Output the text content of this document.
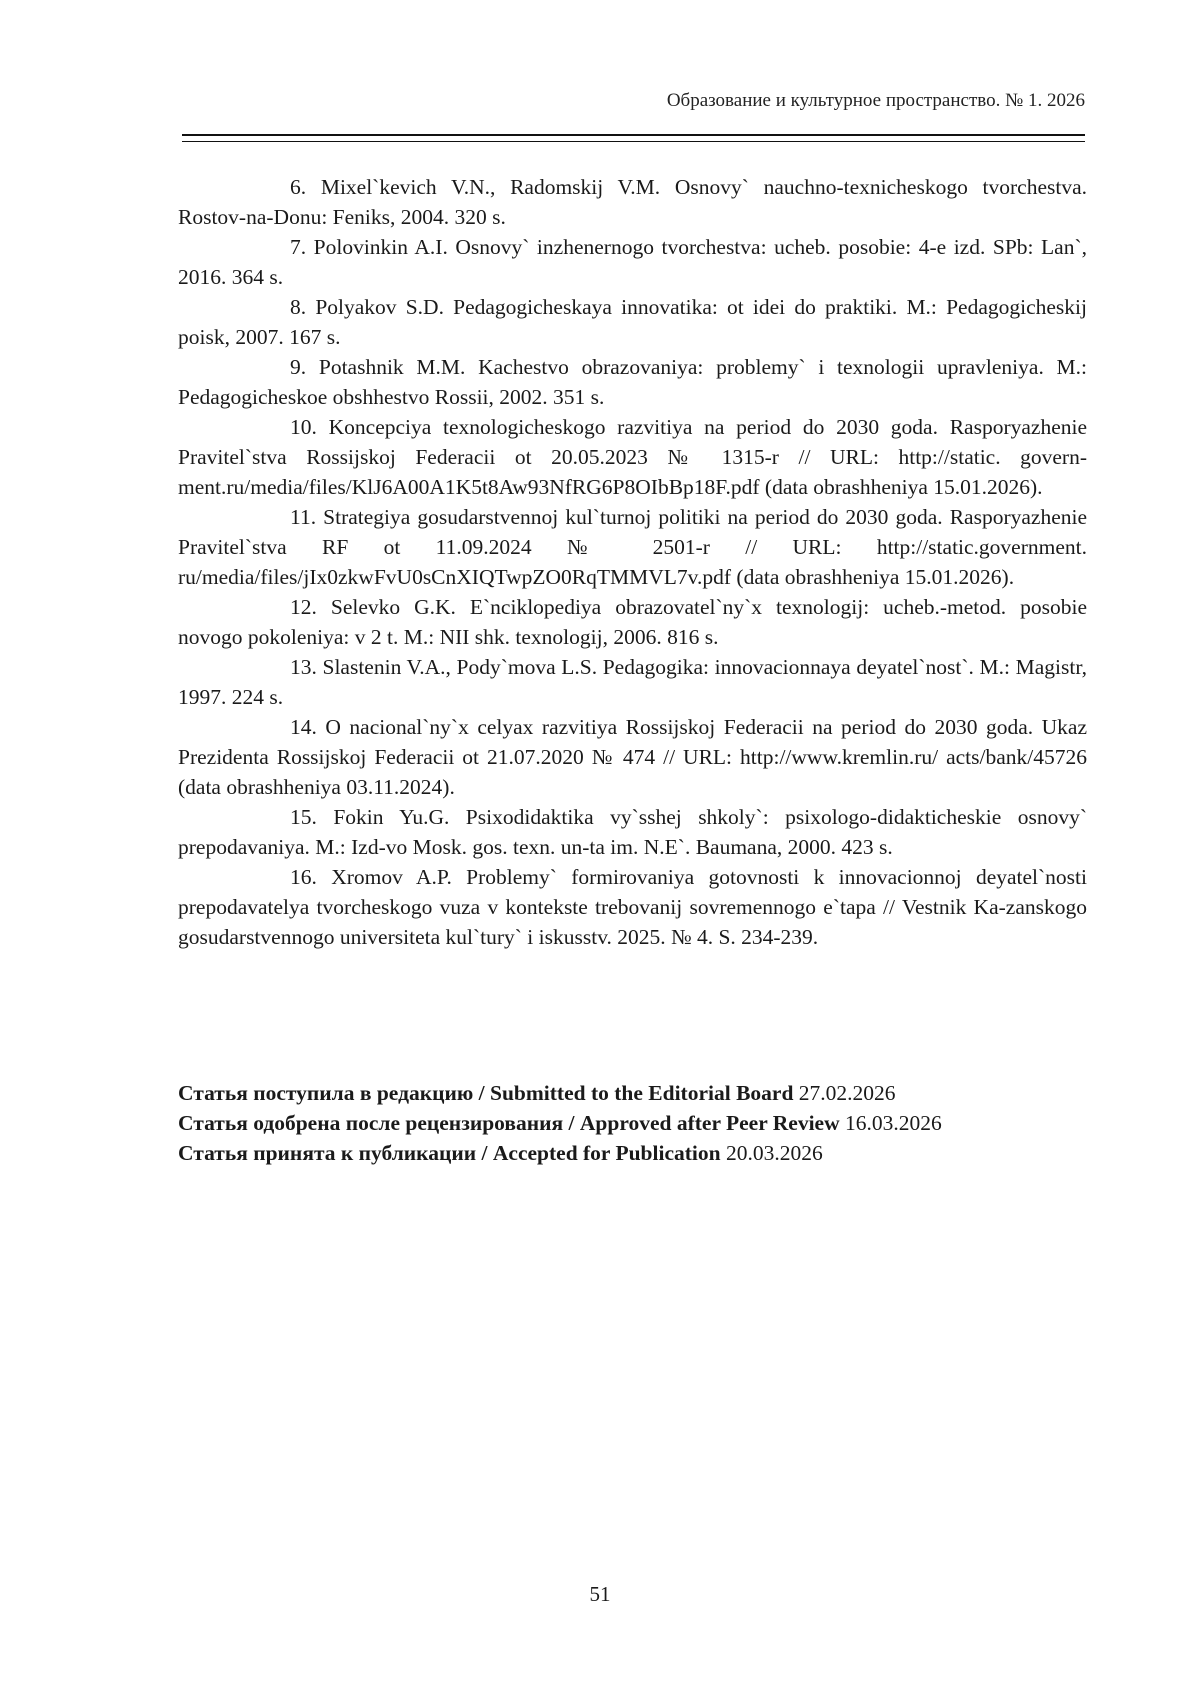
Образование и культурное пространство. № 1. 2026
6. Mixel`kevich V.N., Radomskij V.M. Osnovy` nauchno-texnicheskogo tvorchestva. Rostov-na-Donu: Feniks, 2004. 320 s.
7. Polovinkin A.I. Osnovy` inzhenernogo tvorchestva: ucheb. posobie: 4-e izd. SPb: Lan`, 2016. 364 s.
8. Polyakov S.D. Pedagogicheskaya innovatika: ot idei do praktiki. M.: Pedagogicheskij poisk, 2007. 167 s.
9. Potashnik M.M. Kachestvo obrazovaniya: problemy` i texnologii upravleniya. M.: Pedagogicheskoe obshhestvo Rossii, 2002. 351 s.
10. Koncepciya texnologicheskogo razvitiya na period do 2030 goda. Rasporyazhenie Pravitel`stva Rossijskoj Federacii ot 20.05.2023 № 1315-r // URL: http://static. govern-ment.ru/media/files/KlJ6A00A1K5t8Aw93NfRG6P8OIbBp18F.pdf (data obrashheniya 15.01.2026).
11. Strategiya gosudarstvennoj kul`turnoj politiki na period do 2030 goda. Rasporyazhenie Pravitel`stva RF ot 11.09.2024 № 2501-r // URL: http://static.government. ru/media/files/jIx0zkwFvU0sCnXIQTwpZO0RqTMMVL7v.pdf (data obrashheniya 15.01.2026).
12. Selevko G.K. E`nciklopediya obrazovatel`ny`x texnologij: ucheb.-metod. posobie novogo pokoleniya: v 2 t. M.: NII shk. texnologij, 2006. 816 s.
13. Slastenin V.A., Pody`mova L.S. Pedagogika: innovacionnaya deyatel`nost`. M.: Magistr, 1997. 224 s.
14. O nacional`ny`x celyax razvitiya Rossijskoj Federacii na period do 2030 goda. Ukaz Prezidenta Rossijskoj Federacii ot 21.07.2020 № 474 // URL: http://www.kremlin.ru/ acts/bank/45726 (data obrashheniya 03.11.2024).
15. Fokin Yu.G. Psixodidaktika vy`sshej shkoly`: psixologo-didakticheskie osnovy` prepodavaniya. M.: Izd-vo Mosk. gos. texn. un-ta im. N.E`. Baumana, 2000. 423 s.
16. Xromov A.P. Problemy` formirovaniya gotovnosti k innovacionnoj deyatel`nosti prepodavatelya tvorcheskogo vuza v kontekste trebovanij sovremennogo e`tapa // Vestnik Ka-zanskogo gosudarstvennogo universiteta kul`tury` i iskusstv. 2025. № 4. S. 234-239.
Статья поступила в редакцию / Submitted to the Editorial Board 27.02.2026
Статья одобрена после рецензирования / Approved after Peer Review 16.03.2026
Статья принята к публикации / Accepted for Publication 20.03.2026
51
